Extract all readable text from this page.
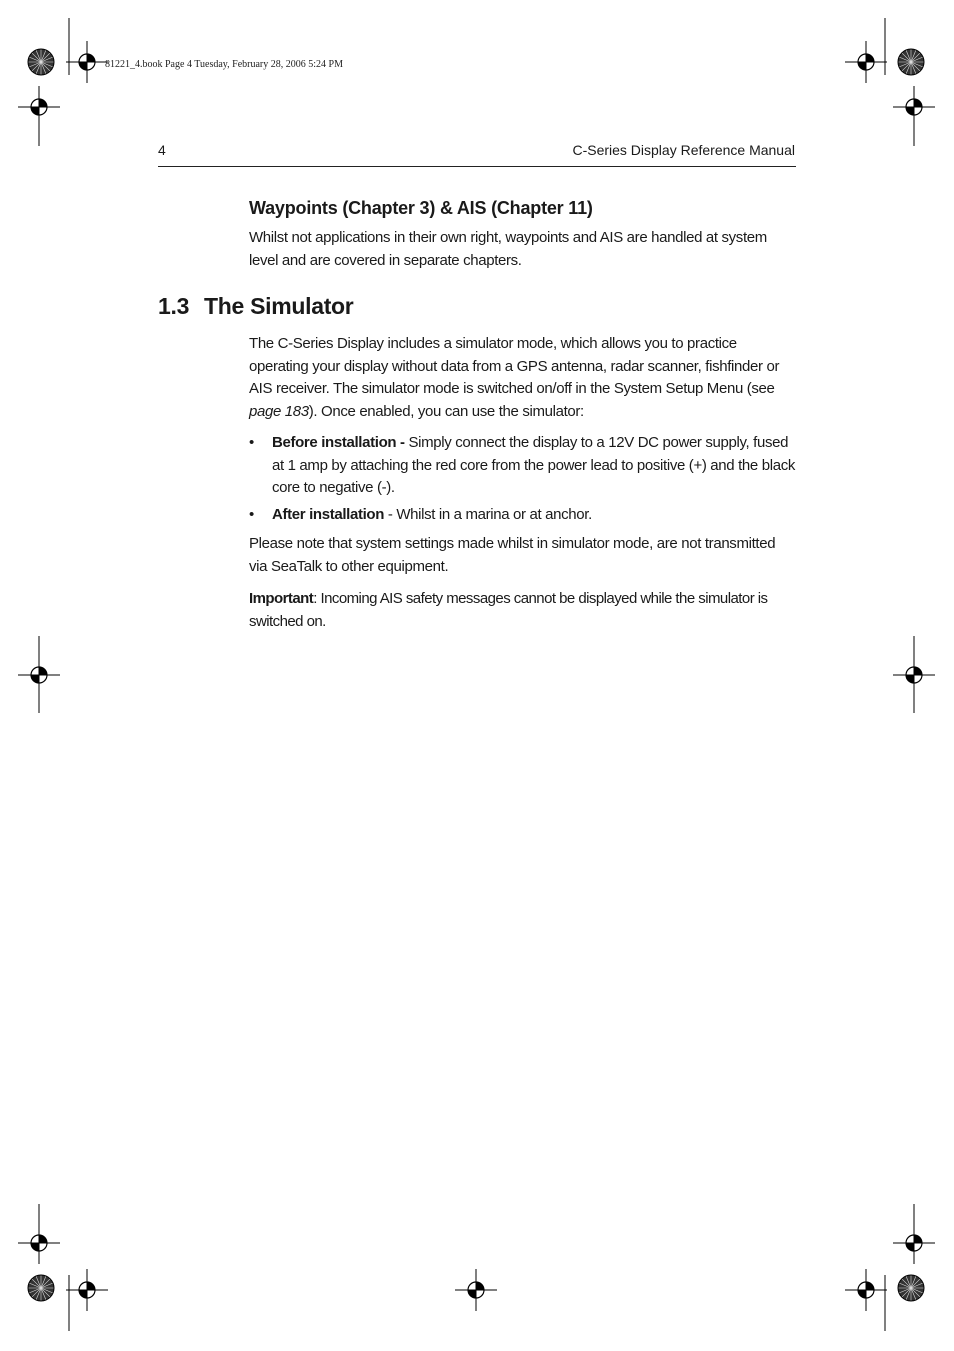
81221_4.book Page 4 Tuesday, February 28, 2006 5:24 PM
4	C-Series Display Reference Manual
Waypoints (Chapter 3) & AIS (Chapter 11)
Whilst not applications in their own right, waypoints and AIS are handled at system level and are covered in separate chapters.
1.3 The Simulator
The C-Series Display includes a simulator mode, which allows you to practice operating your display without data from a GPS antenna, radar scanner, fishfinder or AIS receiver. The simulator mode is switched on/off in the System Setup Menu (see page 183). Once enabled, you can use the simulator:
• Before installation - Simply connect the display to a 12V DC power supply, fused at 1 amp by attaching the red core from the power lead to positive (+) and the black core to negative (-).
• After installation - Whilst in a marina or at anchor.
Please note that system settings made whilst in simulator mode, are not transmitted via SeaTalk to other equipment.
Important: Incoming AIS safety messages cannot be displayed while the simulator is switched on.
